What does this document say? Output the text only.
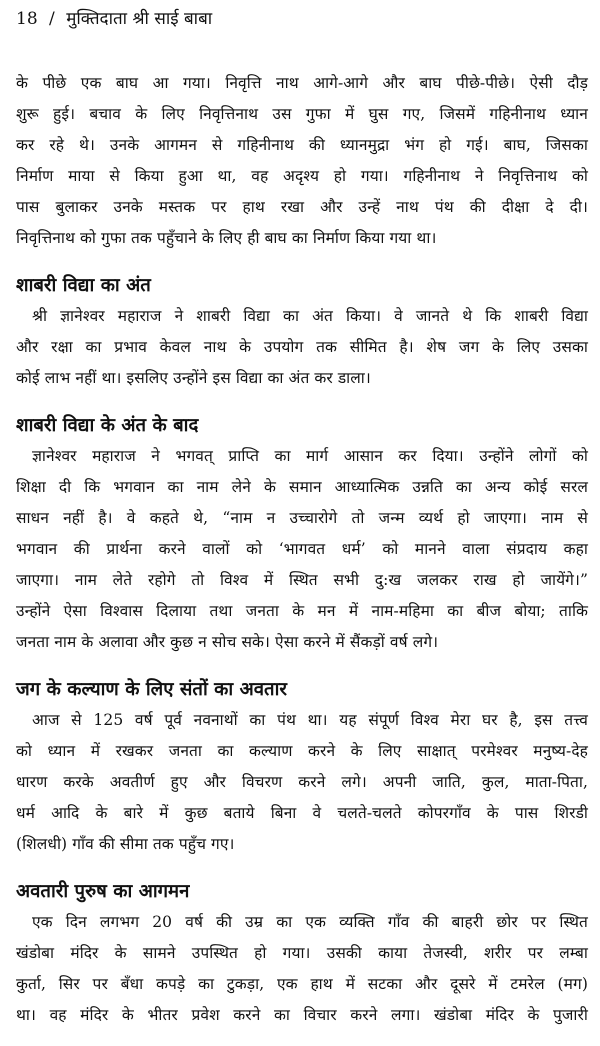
18 / मुक्तिदाता श्री साई बाबा
के पीछे एक बाघ आ गया। निवृत्ति नाथ आगे-आगे और बाघ पीछे-पीछे। ऐसी दौड़
शुरू हुई। बचाव के लिए निवृत्तिनाथ उस गुफा में घुस गए, जिसमें गहिनीनाथ ध्यान
कर रहे थे। उनके आगमन से गहिनीनाथ की ध्यानमुद्रा भंग हो गई। बाघ, जिसका
निर्माण माया से किया हुआ था, वह अदृश्य हो गया। गहिनीनाथ ने निवृत्तिनाथ को
पास बुलाकर उनके मस्तक पर हाथ रखा और उन्हें नाथ पंथ की दीक्षा दे दी।
निवृत्तिनाथ को गुफा तक पहुँचाने के लिए ही बाघ का निर्माण किया गया था।
शाबरी विद्या का अंत
श्री ज्ञानेश्वर महाराज ने शाबरी विद्या का अंत किया। वे जानते थे कि शाबरी विद्या
और रक्षा का प्रभाव केवल नाथ के उपयोग तक सीमित है। शेष जग के लिए उसका
कोई लाभ नहीं था। इसलिए उन्होंने इस विद्या का अंत कर डाला।
शाबरी विद्या के अंत के बाद
ज्ञानेश्वर महाराज ने भगवत् प्राप्ति का मार्ग आसान कर दिया। उन्होंने लोगों को
शिक्षा दी कि भगवान का नाम लेने के समान आध्यात्मिक उन्नति का अन्य कोई सरल
साधन नहीं है। वे कहते थे, “नाम न उच्चारोगे तो जन्म व्यर्थ हो जाएगा। नाम से
भगवान की प्रार्थना करने वालों को ‘भागवत धर्म’ को मानने वाला संप्रदाय कहा
जाएगा। नाम लेते रहोगे तो विश्व में स्थित सभी दु:ख जलकर राख हो जायेंगे।”
उन्होंने ऐसा विश्वास दिलाया तथा जनता के मन में नाम-महिमा का बीज बोया; ताकि
जनता नाम के अलावा और कुछ न सोच सके। ऐसा करने में सैंकड़ों वर्ष लगे।
जग के कल्याण के लिए संतों का अवतार
आज से 125 वर्ष पूर्व नवनाथों का पंथ था। यह संपूर्ण विश्व मेरा घर है, इस तत्त्व
को ध्यान में रखकर जनता का कल्याण करने के लिए साक्षात् परमेश्वर मनुष्य-देह
धारण करके अवतीर्ण हुए और विचरण करने लगे। अपनी जाति, कुल, माता-पिता,
धर्म आदि के बारे में कुछ बताये बिना वे चलते-चलते कोपरगाँव के पास शिरडी
(शिलधी) गाँव की सीमा तक पहुँच गए।
अवतारी पुरुष का आगमन
एक दिन लगभग 20 वर्ष की उम्र का एक व्यक्ति गाँव की बाहरी छोर पर स्थित
खंडोबा मंदिर के सामने उपस्थित हो गया। उसकी काया तेजस्वी, शरीर पर लम्बा
कुर्ता, सिर पर बँधा कपड़े का टुकड़ा, एक हाथ में सटका और दूसरे में टमरेल (मग)
था। वह मंदिर के भीतर प्रवेश करने का विचार करने लगा। खंडोबा मंदिर के पुजारी
